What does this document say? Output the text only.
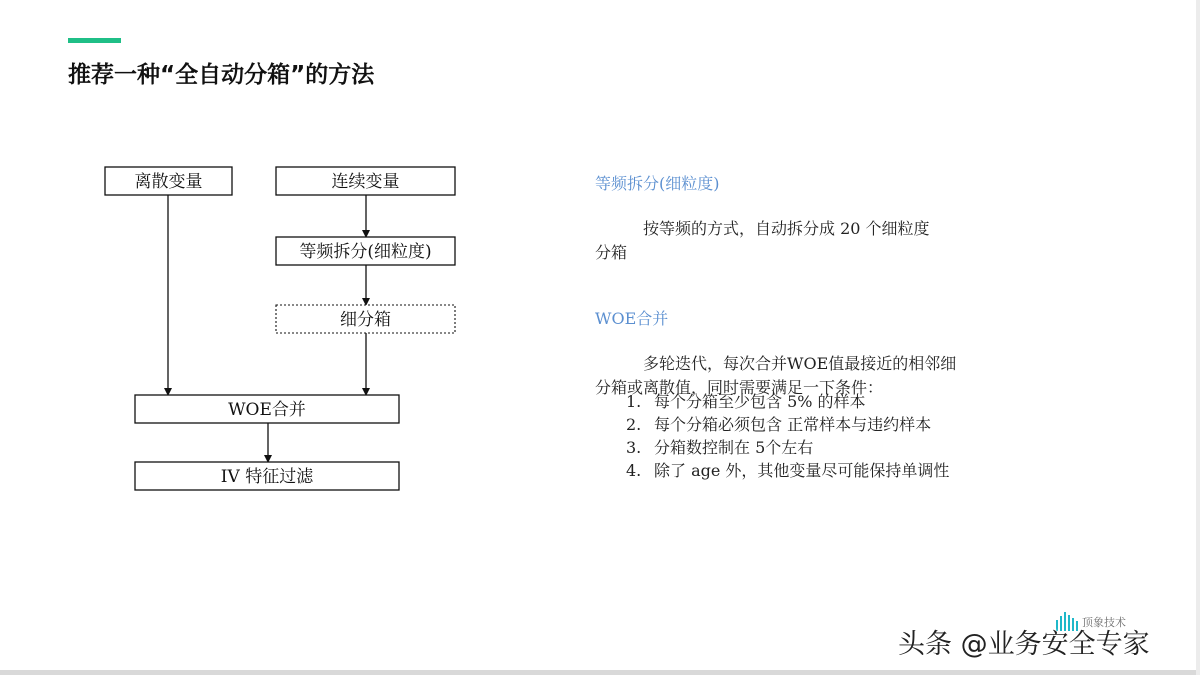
推荐一种“全自动分箱”的方法
离散变量	连续变量
等频拆分(细粒度)
细分箱
WOE合并
IV 特征过滤
等频拆分(细粒度)
按等频的方式，自动拆分成 20 个细粒度
分箱
WOE合并
多轮迭代，每次合并WOE值最接近的相邻细
分箱或离散值，同时需要满足一下条件：
1. 每个分箱至少包含 5% 的样本
2. 每个分箱必须包含 正常样本与违约样本
3. 分箱数控制在 5个左右
4. 除了 age 外，其他变量尽可能保持单调性
顶象技术
头条 @业务安全专家
